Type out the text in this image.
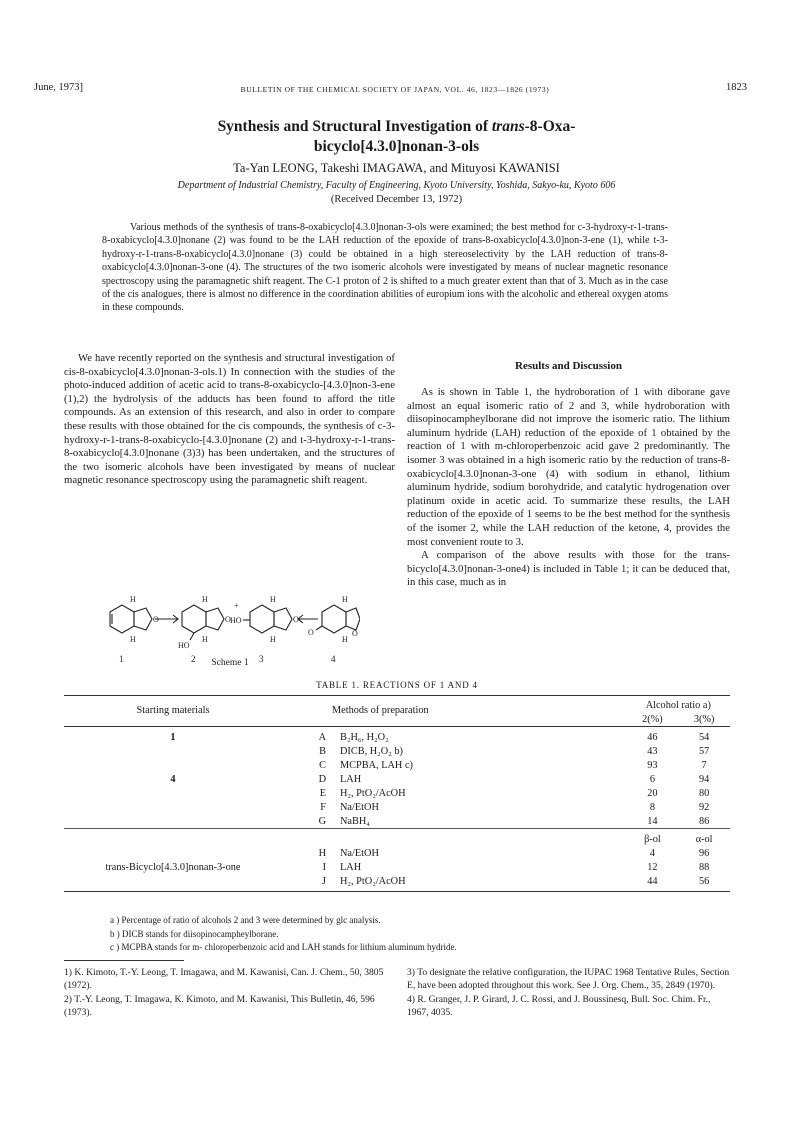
June, 1973]	BULLETIN OF THE CHEMICAL SOCIETY OF JAPAN, VOL. 46, 1823—1826 (1973)	1823
Synthesis and Structural Investigation of trans-8-Oxa-
bicyclo[4.3.0]nonan-3-ols
Ta-Yan LEONG, Takeshi IMAGAWA, and Mituyosi KAWANISI
Department of Industrial Chemistry, Faculty of Engineering, Kyoto University, Yoshida, Sakyo-ku, Kyoto 606
(Received December 13, 1972)
Various methods of the synthesis of trans-8-oxabicyclo[4.3.0]nonan-3-ols were examined; the best method for c-3-hydroxy-r-1-trans-8-oxabicyclo[4.3.0]nonane (2) was found to be the LAH reduction of the epoxide of trans-8-oxabicyclo[4.3.0]non-3-ene (1), while t-3-hydroxy-r-1-trans-8-oxabicyclo[4.3.0]nonane (3) could be obtained in a high stereoselectivity by the LAH reduction of trans-8-oxabicyclo[4.3.0]nonan-3-one (4). The structures of the two isomeric alcohols were investigated by means of nuclear magnetic resonance spectroscopy using the paramagnetic shift reagent. The C-1 proton of 2 is shifted to a much greater extent than that of 3. Much as in the case of the cis analogues, there is almost no difference in the coordination abilities of europium ions with the alcoholic and ethereal oxygen atoms in these compounds.
We have recently reported on the synthesis and structural investigation of cis-8-oxabicyclo[4.3.0]nonan-3-ols.1) In connection with the studies of the photo-induced addition of acetic acid to trans-8-oxabicyclo-[4.3.0]non-3-ene (1),2) the hydrolysis of the adducts has been found to afford the title compounds. As an extension of this research, and also in order to compare these results with those obtained for the cis compounds, the synthesis of c-3-hydroxy-r-1-trans-8-oxabicyclo-[4.3.0]nonane (2) and t-3-hydroxy-r-1-trans-8-oxabicyclo[4.3.0]nonane (3)3) has been undertaken, and the structures of the two isomeric alcohols have been investigated by means of nuclear magnetic resonance spectroscopy using the paramagnetic shift reagent.
H
H
H
H
H
H
H
H
O	O	O
O
HO
HO
O
+
1	2	3	4
Scheme 1
Results and Discussion

As is shown in Table 1, the hydroboration of 1 with diborane gave almost an equal isomeric ratio of 2 and 3, while hydroboration with diisopinocampheylborane did not improve the isomeric ratio. The lithium aluminum hydride (LAH) reduction of the epoxide of 1 obtained by the reaction of 1 with m-chloroperbenzoic acid gave 2 predominantly. The isomer 3 was obtained in a high isomeric ratio by the reduction of trans-8-oxabicyclo[4.3.0]nonan-3-one (4) with sodium in ethanol, lithium aluminum hydride, sodium borohydride, and catalytic hydrogenation over platinum oxide in acetic acid. To summarize these results, the LAH reduction of the epoxide of 1 seems to be the best method for the synthesis of the isomer 2, while the LAH reduction of the ketone, 4, provides the most convenient route to 3.

A comparison of the above results with those for the trans-bicyclo[4.3.0]nonan-3-one4) is included in Table 1; it can be deduced that, in this case, much as in

TABLE 1. REACTIONS OF 1 AND 4
Starting materials	Methods of preparation		Alcohol ratio a)	
			2(%)	3(%)

1	A	B₂H₆, H₂O₂	46	54
	B	DICB, H₂O₂ b)	43	57
	C	MCPBA, LAH c)	93	7
4	D	LAH	6	94
	E	H₂, PtO₂/AcOH	20	80
	F	Na/EtOH	8	92
	G	NaBH₄	14	86

			β-ol	α-ol
	H	Na/EtOH	4	96
trans-Bicyclo[4.3.0]nonan-3-one	I	LAH	12	88
	J	H₂, PtO₂/AcOH	44	56

a ) Percentage of ratio of alcohols 2 and 3 were determined by glc analysis.
b ) DICB stands for diisopinocampheylborane.
c ) MCPBA stands for m- chloroperbenzoic acid and LAH stands for lithium aluminum hydride.
1) K. Kimoto, T.-Y. Leong, T. Imagawa, and M. Kawanisi, Can. J. Chem., 50, 3805 (1972).
2) T.-Y. Leong, T. Imagawa, K. Kimoto, and M. Kawanisi, This Bulletin, 46, 596 (1973).
3) To designate the relative configuration, the IUPAC 1968 Tentative Rules, Section E, have been adopted throughout this work. See J. Org. Chem., 35, 2849 (1970).
4) R. Granger, J. P. Girard, J. C. Rossi, and J. Boussinesq, Bull. Soc. Chim. Fr., 1967, 4035.
